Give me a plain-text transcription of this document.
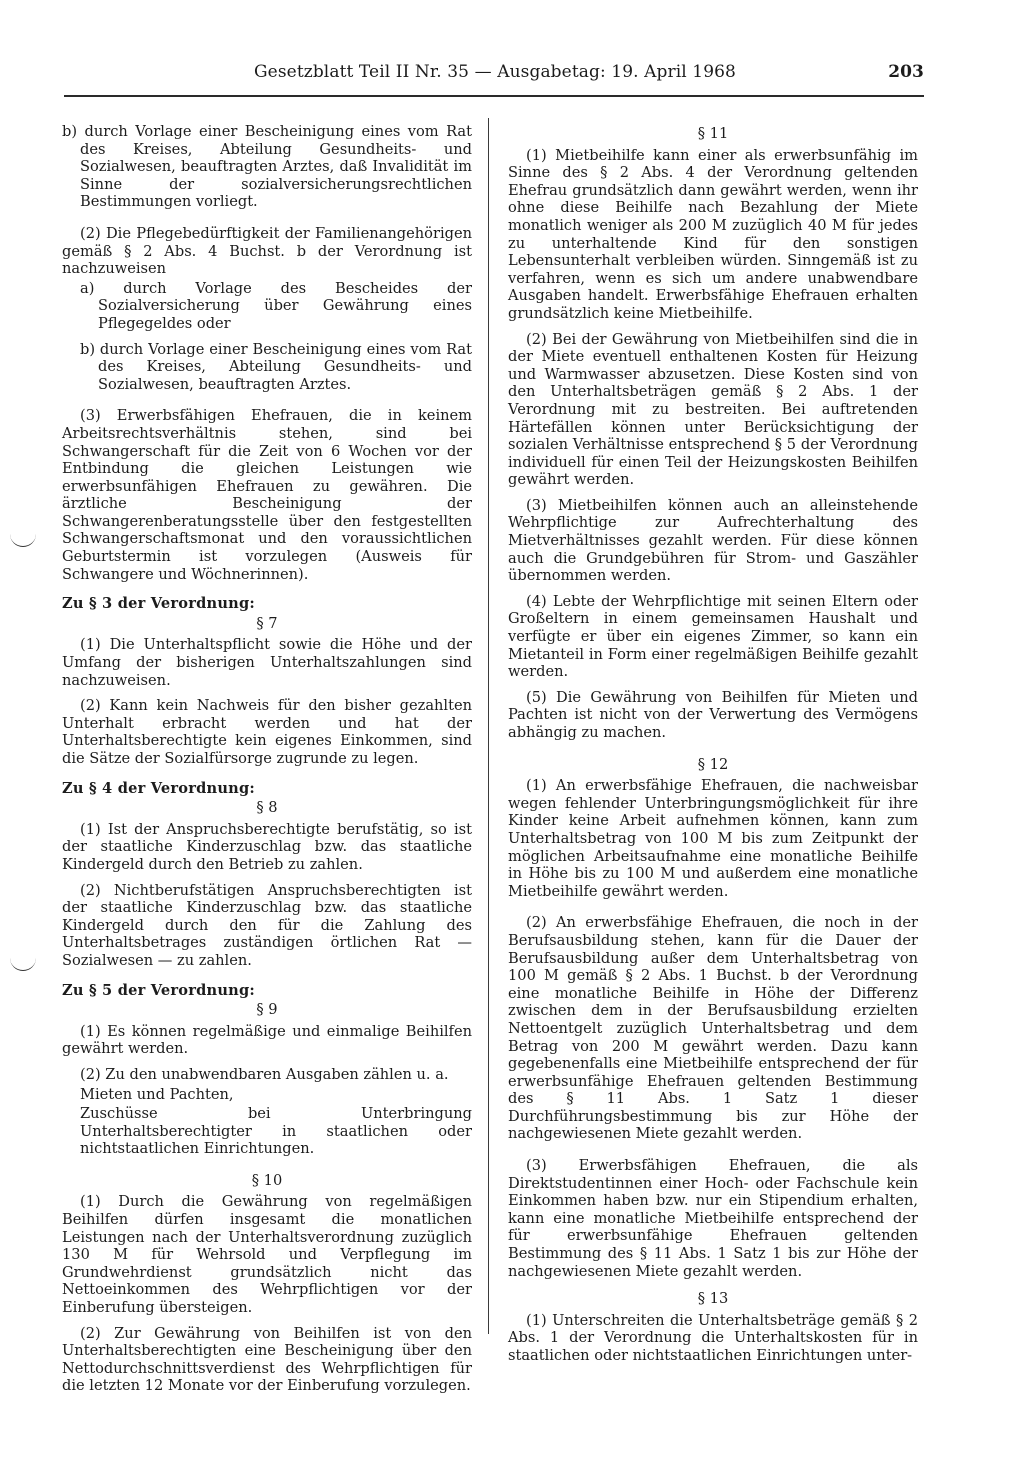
Gesetzblatt Teil II Nr. 35 — Ausgabetag: 19. April 1968	203

b) durch Vorlage einer Bescheinigung eines vom Rat des Kreises, Abteilung Gesundheits- und Sozialwesen, beauftragten Arztes, daß Invalidität im Sinne der sozialversicherungsrechtlichen Bestimmungen vorliegt.

(2) Die Pflegebedürftigkeit der Familienangehörigen gemäß § 2 Abs. 4 Buchst. b der Verordnung ist nachzuweisen

a) durch Vorlage des Bescheides der Sozialversicherung über Gewährung eines Pflegegeldes oder

b) durch Vorlage einer Bescheinigung eines vom Rat des Kreises, Abteilung Gesundheits- und Sozialwesen, beauftragten Arztes.

(3) Erwerbsfähigen Ehefrauen, die in keinem Arbeitsrechtsverhältnis stehen, sind bei Schwangerschaft für die Zeit von 6 Wochen vor der Entbindung die gleichen Leistungen wie erwerbsunfähigen Ehefrauen zu gewähren. Die ärztliche Bescheinigung der Schwangerenberatungsstelle über den festgestellten Schwangerschaftsmonat und den voraussichtlichen Geburtstermin ist vorzulegen (Ausweis für Schwangere und Wöchnerinnen).

Zu § 3 der Verordnung:
§ 7

(1) Die Unterhaltspflicht sowie die Höhe und der Umfang der bisherigen Unterhaltszahlungen sind nachzuweisen.

(2) Kann kein Nachweis für den bisher gezahlten Unterhalt erbracht werden und hat der Unterhaltsberechtigte kein eigenes Einkommen, sind die Sätze der Sozialfürsorge zugrunde zu legen.

Zu § 4 der Verordnung:
§ 8

(1) Ist der Anspruchsberechtigte berufstätig, so ist der staatliche Kinderzuschlag bzw. das staatliche Kindergeld durch den Betrieb zu zahlen.

(2) Nichtberufstätigen Anspruchsberechtigten ist der staatliche Kinderzuschlag bzw. das staatliche Kindergeld durch den für die Zahlung des Unterhaltsbetrages zuständigen örtlichen Rat — Sozialwesen — zu zahlen.

Zu § 5 der Verordnung:
§ 9

(1) Es können regelmäßige und einmalige Beihilfen gewährt werden.

(2) Zu den unabwendbaren Ausgaben zählen u. a.

Mieten und Pachten,

Zuschüsse bei Unterbringung Unterhaltsberechtigter in staatlichen oder nichtstaatlichen Einrichtungen.

§ 10

(1) Durch die Gewährung von regelmäßigen Beihilfen dürfen insgesamt die monatlichen Leistungen nach der Unterhaltsverordnung zuzüglich 130 M für Wehrsold und Verpflegung im Grundwehrdienst grundsätzlich nicht das Nettoeinkommen des Wehrpflichtigen vor der Einberufung übersteigen.

(2) Zur Gewährung von Beihilfen ist von den Unterhaltsberechtigten eine Bescheinigung über den Nettodurchschnittsverdienst des Wehrpflichtigen für die letzten 12 Monate vor der Einberufung vorzulegen.

§ 11

(1) Mietbeihilfe kann einer als erwerbsunfähig im Sinne des § 2 Abs. 4 der Verordnung geltenden Ehefrau grundsätzlich dann gewährt werden, wenn ihr ohne diese Beihilfe nach Bezahlung der Miete monatlich weniger als 200 M zuzüglich 40 M für jedes zu unterhaltende Kind für den sonstigen Lebensunterhalt verbleiben würden. Sinngemäß ist zu verfahren, wenn es sich um andere unabwendbare Ausgaben handelt. Erwerbsfähige Ehefrauen erhalten grundsätzlich keine Mietbeihilfe.

(2) Bei der Gewährung von Mietbeihilfen sind die in der Miete eventuell enthaltenen Kosten für Heizung und Warmwasser abzusetzen. Diese Kosten sind von den Unterhaltsbeträgen gemäß § 2 Abs. 1 der Verordnung mit zu bestreiten. Bei auftretenden Härtefällen können unter Berücksichtigung der sozialen Verhältnisse entsprechend § 5 der Verordnung individuell für einen Teil der Heizungskosten Beihilfen gewährt werden.

(3) Mietbeihilfen können auch an alleinstehende Wehrpflichtige zur Aufrechterhaltung des Mietverhältnisses gezahlt werden. Für diese können auch die Grundgebühren für Strom- und Gaszähler übernommen werden.

(4) Lebte der Wehrpflichtige mit seinen Eltern oder Großeltern in einem gemeinsamen Haushalt und verfügte er über ein eigenes Zimmer, so kann ein Mietanteil in Form einer regelmäßigen Beihilfe gezahlt werden.

(5) Die Gewährung von Beihilfen für Mieten und Pachten ist nicht von der Verwertung des Vermögens abhängig zu machen.

§ 12

(1) An erwerbsfähige Ehefrauen, die nachweisbar wegen fehlender Unterbringungsmöglichkeit für ihre Kinder keine Arbeit aufnehmen können, kann zum Unterhaltsbetrag von 100 M bis zum Zeitpunkt der möglichen Arbeitsaufnahme eine monatliche Beihilfe in Höhe bis zu 100 M und außerdem eine monatliche Mietbeihilfe gewährt werden.

(2) An erwerbsfähige Ehefrauen, die noch in der Berufsausbildung stehen, kann für die Dauer der Berufsausbildung außer dem Unterhaltsbetrag von 100 M gemäß § 2 Abs. 1 Buchst. b der Verordnung eine monatliche Beihilfe in Höhe der Differenz zwischen dem in der Berufsausbildung erzielten Nettoentgelt zuzüglich Unterhaltsbetrag und dem Betrag von 200 M gewährt werden. Dazu kann gegebenenfalls eine Mietbeihilfe entsprechend der für erwerbsunfähige Ehefrauen geltenden Bestimmung des § 11 Abs. 1 Satz 1 dieser Durchführungsbestimmung bis zur Höhe der nachgewiesenen Miete gezahlt werden.

(3) Erwerbsfähigen Ehefrauen, die als Direktstudentinnen einer Hoch- oder Fachschule kein Einkommen haben bzw. nur ein Stipendium erhalten, kann eine monatliche Mietbeihilfe entsprechend der für erwerbsunfähige Ehefrauen geltenden Bestimmung des § 11 Abs. 1 Satz 1 bis zur Höhe der nachgewiesenen Miete gezahlt werden.

§ 13

(1) Unterschreiten die Unterhaltsbeträge gemäß § 2 Abs. 1 der Verordnung die Unterhaltskosten für in staatlichen oder nichtstaatlichen Einrichtungen unter-
